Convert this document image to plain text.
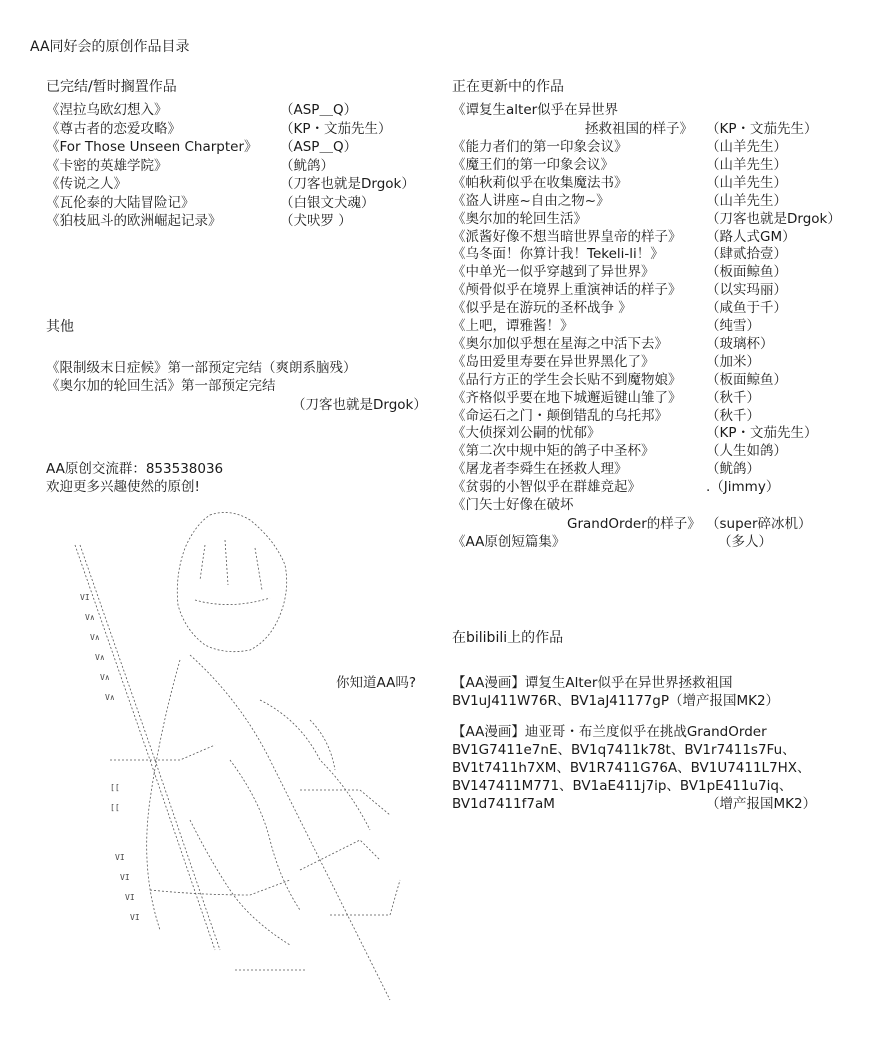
AA同好会的原创作品目录
已完结/暂时搁置作品
《涅拉乌欧幻想入》	（ASP＿Q）
《尊古者的恋爱攻略》	（KP・文茄先生）
《For Those Unseen Charpter》 （ASP＿Q）
《卡密的英雄学院》	（鱿鸽）
《传说之人》	（刀客也就是Drgok）
《瓦伦泰的大陆冒险记》	（白银文犬魂）
《狛枝凪斗的欧洲崛起记录》	（犬吠罗 ）
其他
《限制级末日症候》第一部预定完结（爽朗系脑残）
《奥尔加的轮回生活》第一部预定完结
（刀客也就是Drgok）
AA原创交流群：853538036
欢迎更多兴趣使然的原创!
你知道AA吗?
[[
[[
VI
VI
VI
VI
VI
V∧
V∧
V∧
V∧
V∧
正在更新中的作品
《谭复生alter似乎在异世界
拯救祖国的样子》 （KP・文茄先生）
《能力者们的第一印象会议》	（山羊先生）
《魔王们的第一印象会议》	（山羊先生）
《帕秋莉似乎在收集魔法书》	（山羊先生）
《盗人讲座~自由之物~》	（山羊先生）
《奥尔加的轮回生活》	（刀客也就是Drgok）
《派酱好像不想当暗世界皇帝的样子》 （路人式GM）
《乌冬面！你算计我！Tekeli-li！》	（肆贰拾壹）
《中单光一似乎穿越到了异世界》	（板面鲸鱼）
《颅骨似乎在境界上重演神话的样子》 （以实玛丽）
《似乎是在游玩的圣杯战争 》	（咸鱼于千）
《上吧，谭雅酱！》	（纯雪）
《奥尔加似乎想在星海之中活下去》	（玻璃杯）
《岛田爱里寿要在异世界黑化了》	（加米）
《品行方正的学生会长贴不到魔物娘》 （板面鲸鱼）
《齐格似乎要在地下城邂逅键山雏了》 （秋千）
《命运石之门・颠倒错乱的乌托邦》	（秋千）
《大侦探刘公嗣的忧郁》	（KP・文茄先生）
《第二次中规中矩的鸽子中圣杯》	（人生如鸽）
《屠龙者李舜生在拯救人理》	（鱿鸽）
《贫弱的小智似乎在群雄竞起》	.（Jimmy）
《门矢士好像在破坏
GrandOrder的样子》 （super碎冰机）
《AA原创短篇集》	（多人）
在bilibili上的作品
【AA漫画】谭复生Alter似乎在异世界拯救祖国
BV1uJ411W76R、BV1aJ41177gP（增产报国MK2）
【AA漫画】迪亚哥・布兰度似乎在挑战GrandOrder
BV1G7411e7nE、BV1q7411k78t、BV1r7411s7Fu、
BV1t7411h7XM、BV1R7411G76A、BV1U7411L7HX、
BV147411M771、BV1aE411j7ip、BV1pE411u7iq、
BV1d7411f7aM	（增产报国MK2）
